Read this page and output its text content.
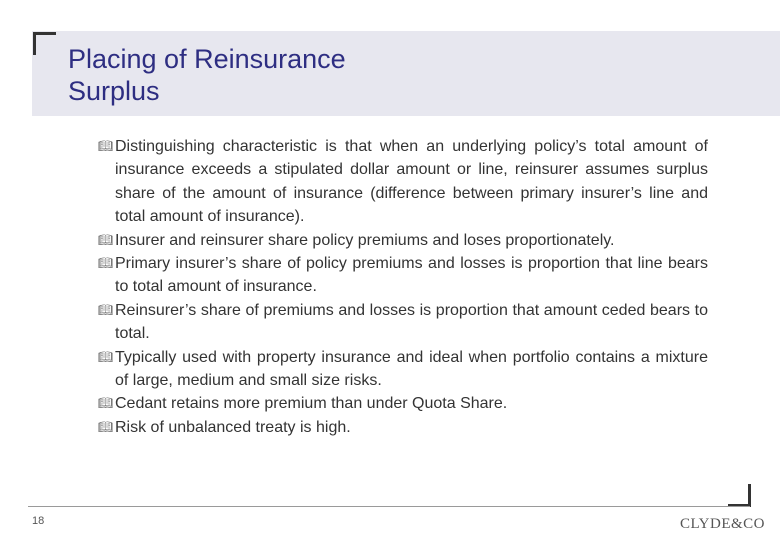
Placing of Reinsurance
Surplus
📖︎ Distinguishing characteristic is that when an underlying policy’s total amount of insurance exceeds a stipulated dollar amount or line, reinsurer assumes surplus share of the amount of insurance (difference between primary insurer’s line and total amount of insurance).
📖︎ Insurer and reinsurer share policy premiums and loses proportionately.
📖︎ Primary insurer’s share of policy premiums and losses is proportion that line bears to total amount of insurance.
📖︎ Reinsurer’s share of premiums and losses is proportion that amount ceded bears to total.
📖︎ Typically used with property insurance and ideal when portfolio contains a mixture of large, medium and small size risks.
📖︎ Cedant retains more premium than under Quota Share.
📖︎ Risk of unbalanced treaty is high.
18	CLYDE&CO
